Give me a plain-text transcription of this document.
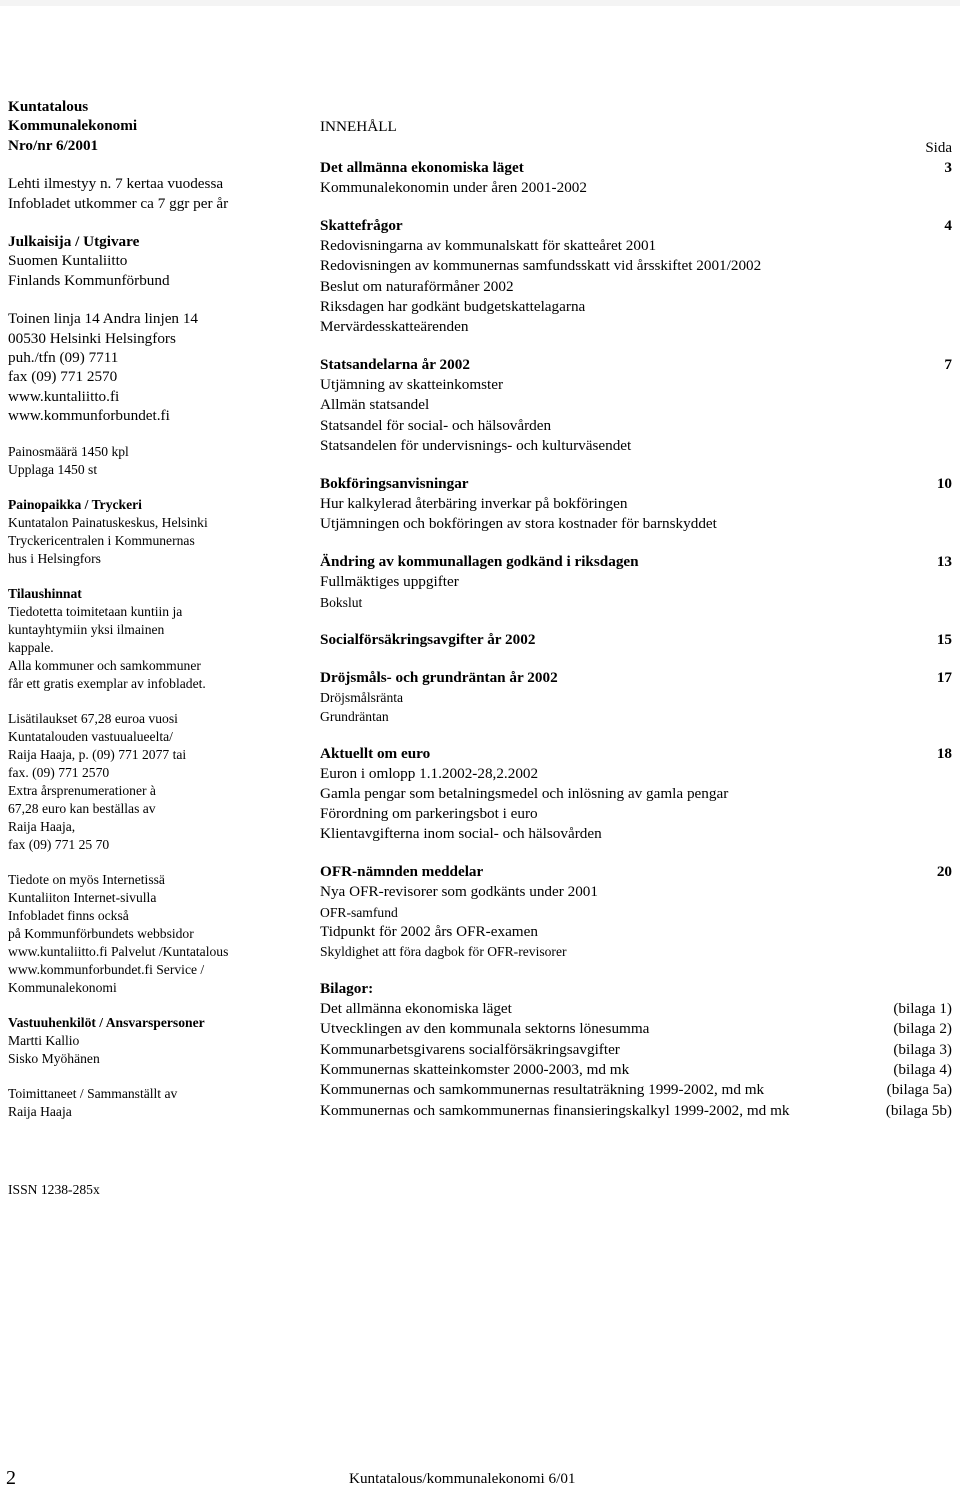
Kuntatalous
Kommunalekonomi
Nro/nr 6/2001
Lehti ilmestyy n. 7 kertaa vuodessa
Infobladet utkommer ca 7 ggr per år
Julkaisija / Utgivare
Suomen Kuntaliitto
Finlands Kommunförbund
Toinen linja 14 Andra linjen 14
00530 Helsinki Helsingfors
puh./tfn (09) 7711
fax (09) 771 2570
www.kuntaliitto.fi
www.kommunforbundet.fi
Painosmäärä 1450 kpl
Upplaga 1450 st
Painopaikka / Tryckeri
Kuntatalon Painatuskeskus, Helsinki
Tryckericentralen i Kommunernas
hus i Helsingfors
Tilaushinnat
Tiedotetta toimitetaan kuntiin ja
kuntayhtymiin yksi ilmainen
kappale.
Alla kommuner och samkommuner
får ett gratis exemplar av infobladet.
Lisätilaukset 67,28 euroa vuosi
Kuntatalouden vastuualueelta/
Raija Haaja, p. (09) 771 2077 tai
fax. (09) 771 2570
Extra årsprenumerationer à
67,28 euro kan beställas av
Raija Haaja,
fax (09) 771 25 70
Tiedote on myös Internetissä
Kuntaliiton Internet-sivulla
Infobladet finns också
på Kommunförbundets webbsidor
www.kuntaliitto.fi Palvelut /Kuntatalous
www.kommunforbundet.fi Service /
Kommunalekonomi
Vastuuhenkilöt / Ansvarspersoner
Martti Kallio
Sisko Myöhänen
Toimittaneet / Sammanställt av
Raija Haaja
INNEHÅLL
Sida
Det allmänna ekonomiska läget	3
Kommunalekonomin under åren 2001-2002
Skattefrågor	4
Redovisningarna av kommunalskatt för skatteåret 2001
Redovisningen av kommunernas samfundsskatt vid årsskiftet 2001/2002
Beslut om naturaförmåner 2002
Riksdagen har godkänt budgetskattelagarna
Mervärdesskatteärenden
Statsandelarna år 2002	7
Utjämning av skatteinkomster
Allmän statsandel
Statsandel för social- och hälsovården
Statsandelen för undervisnings- och kulturväsendet
Bokföringsanvisningar	10
Hur kalkylerad återbäring inverkar på bokföringen
Utjämningen och bokföringen av stora kostnader för barnskyddet
Ändring av kommunallagen godkänd i riksdagen	13
Fullmäktiges uppgifter
Bokslut
Socialförsäkringsavgifter år 2002	15
Dröjsmåls- och grundräntan år 2002	17
Dröjsmålsränta
Grundräntan
Aktuellt om euro	18
Euron i omlopp 1.1.2002-28,2.2002
Gamla pengar som betalningsmedel och inlösning av gamla pengar
Förordning om parkeringsbot i euro
Klientavgifterna inom social- och hälsovården
OFR-nämnden meddelar	20
Nya OFR-revisorer som godkänts under 2001
OFR-samfund
Tidpunkt för 2002 års OFR-examen
Skyldighet att föra dagbok för OFR-revisorer
Bilagor:
Det allmänna ekonomiska läget	(bilaga 1)
Utvecklingen av den kommunala sektorns lönesumma	(bilaga 2)
Kommunarbetsgivarens socialförsäkringsavgifter	(bilaga 3)
Kommunernas skatteinkomster 2000-2003, md mk	(bilaga 4)
Kommunernas och samkommunernas resultaträkning 1999-2002, md mk	(bilaga 5a)
Kommunernas och samkommunernas finansieringskalkyl 1999-2002, md mk	(bilaga 5b)
ISSN 1238-285x
2	Kuntatalous/kommunalekonomi 6/01
